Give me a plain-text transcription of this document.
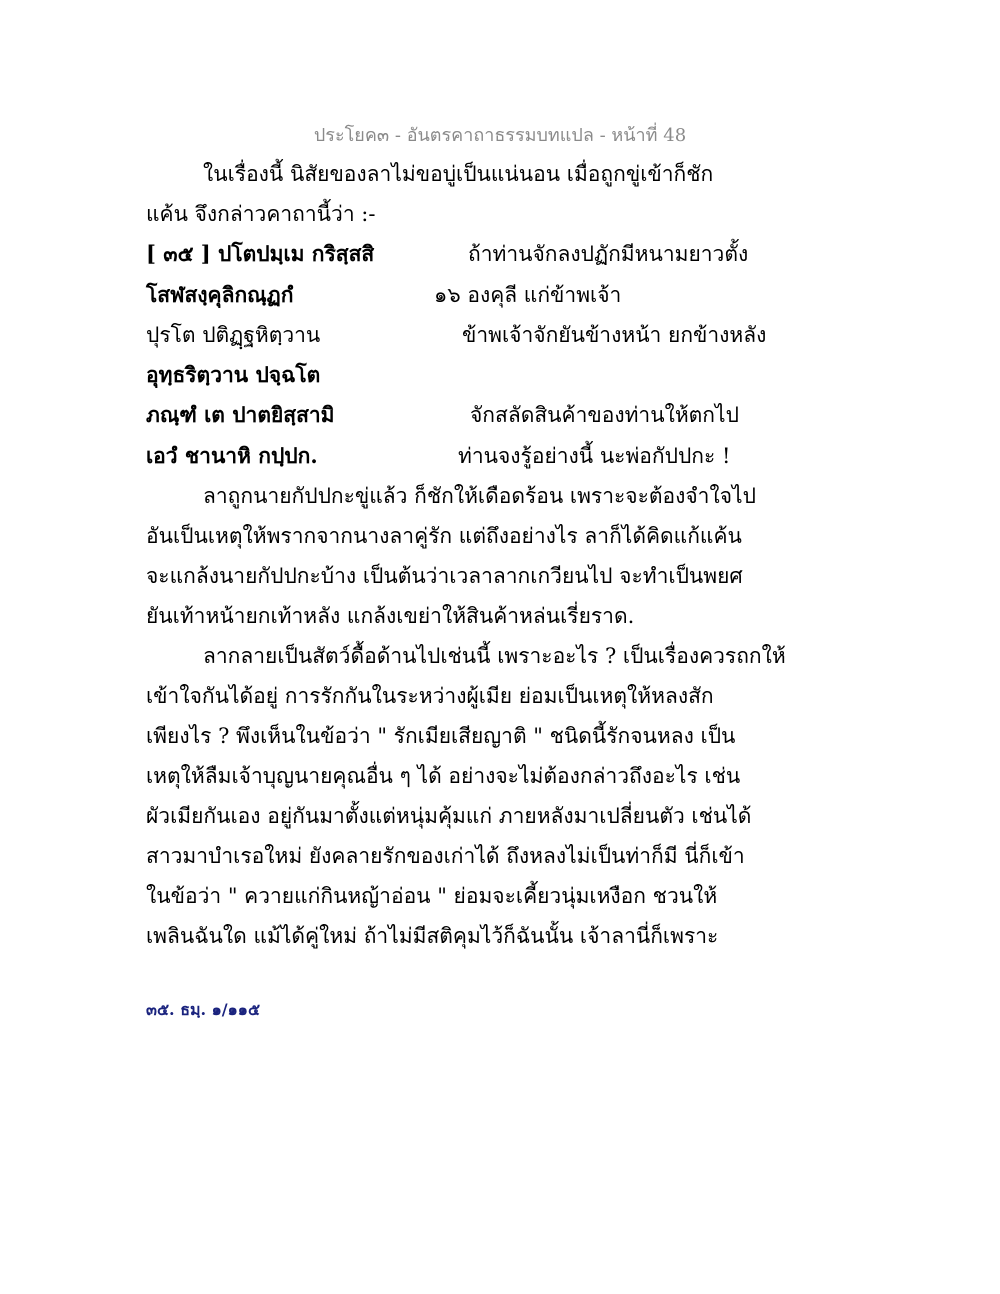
ประโยค๓ - อันตรคาถาธรรมบทแปล - หน้าที่ 48
ในเรื่องนี้ นิสัยของลาไม่ขอบู่เป็นแน่นอน เมื่อถูกขู่เข้าก็ชัก
แค้น จึงกล่าวคาถานี้ว่า :-
[ ๓๕ ] ปโตปมฺเม กริสฺสสิ
โสฬสงฺคุลิกณฺฏกํ
ปุรโต ปติฏฺฐหิตฺวาน
อุทฺธริตฺวาน ปจฺฉโต
ภณฺฑํ เต ปาตยิสฺสามิ
เอวํ ชานาหิ กปฺปก.
ถ้าท่านจักลงปฏักมีหนามยาวตั้ง
๑๖ องคุลี แก่ข้าพเจ้า
ข้าพเจ้าจักยันข้างหน้า ยกข้างหลัง
จักสลัดสินค้าของท่านให้ตกไป
ท่านจงรู้อย่างนี้ นะพ่อกัปปกะ !
ลาถูกนายกัปปกะขู่แล้ว ก็ชักให้เดือดร้อน เพราะจะต้องจำใจไป
อันเป็นเหตุให้พรากจากนางลาคู่รัก แต่ถึงอย่างไร ลาก็ได้คิดแก้แค้น
จะแกล้งนายกัปปกะบ้าง เป็นต้นว่าเวลาลากเกวียนไป จะทำเป็นพยศ
ยันเท้าหน้ายกเท้าหลัง แกล้งเขย่าให้สินค้าหล่นเรี่ยราด.
ลากลายเป็นสัตว์ดื้อด้านไปเช่นนี้ เพราะอะไร ? เป็นเรื่องควรถกให้
เข้าใจกันได้อยู่ การรักกันในระหว่างผู้เมีย ย่อมเป็นเหตุให้หลงสัก
เพียงไร ? พึงเห็นในข้อว่า " รักเมียเสียญาติ " ชนิดนี้รักจนหลง เป็น
เหตุให้ลืมเจ้าบุญนายคุณอื่น ๆ ได้ อย่างจะไม่ต้องกล่าวถึงอะไร เช่น
ผัวเมียกันเอง อยู่กันมาตั้งแต่หนุ่มคุ้มแก่ ภายหลังมาเปลี่ยนตัว เช่นได้
สาวมาบำเรอใหม่ ยังคลายรักของเก่าได้ ถึงหลงไม่เป็นท่าก็มี นี่ก็เข้า
ในข้อว่า " ควายแก่กินหญ้าอ่อน " ย่อมจะเคี้ยวนุ่มเหงือก ชวนให้
เพลินฉันใด แม้ได้คู่ใหม่ ถ้าไม่มีสติคุมไว้ก็ฉันนั้น เจ้าลานี่ก็เพราะ
๓๕. ธมฺ. ๑/๑๑๕
